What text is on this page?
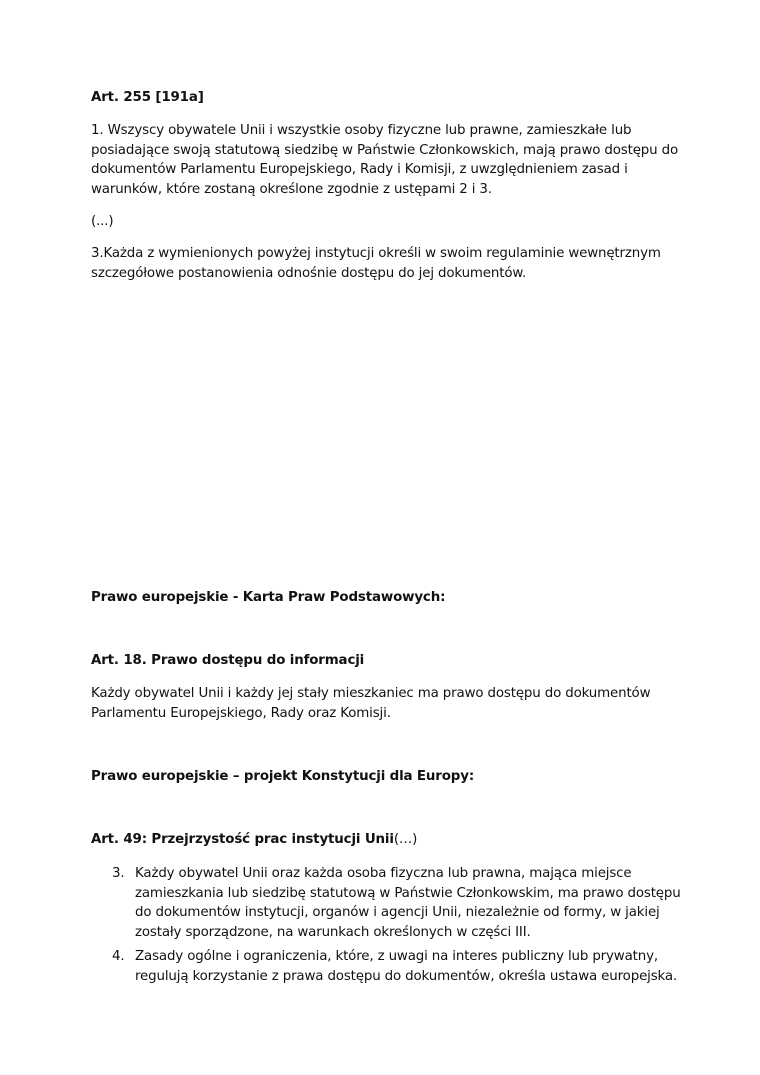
Art. 255 [191a]

1. Wszyscy obywatele Unii i wszystkie osoby fizyczne lub prawne, zamieszkałe lub
posiadające swoją statutową siedzibę w Państwie Członkowskich, mają prawo dostępu do
dokumentów Parlamentu Europejskiego, Rady i Komisji, z uwzględnieniem zasad i
warunków, które zostaną określone zgodnie z ustępami 2 i 3.

(...)

3.Każda z wymienionych powyżej instytucji określi w swoim regulaminie wewnętrznym
szczegółowe postanowienia odnośnie dostępu do jej dokumentów.

Prawo europejskie - Karta Praw Podstawowych:

Art. 18. Prawo dostępu do informacji

Każdy obywatel Unii i każdy jej stały mieszkaniec ma prawo dostępu do dokumentów
Parlamentu Europejskiego, Rady oraz Komisji.

Prawo europejskie – projekt Konstytucji dla Europy:

Art. 49: Przejrzystość prac instytucji Unii(…)

3. Każdy obywatel Unii oraz każda osoba fizyczna lub prawna, mająca miejsce
zamieszkania lub siedzibę statutową w Państwie Członkowskim, ma prawo dostępu
do dokumentów instytucji, organów i agencji Unii, niezależnie od formy, w jakiej
zostały sporządzone, na warunkach określonych w części III.
4. Zasady ogólne i ograniczenia, które, z uwagi na interes publiczny lub prywatny,
regulują korzystanie z prawa dostępu do dokumentów, określa ustawa europejska.
